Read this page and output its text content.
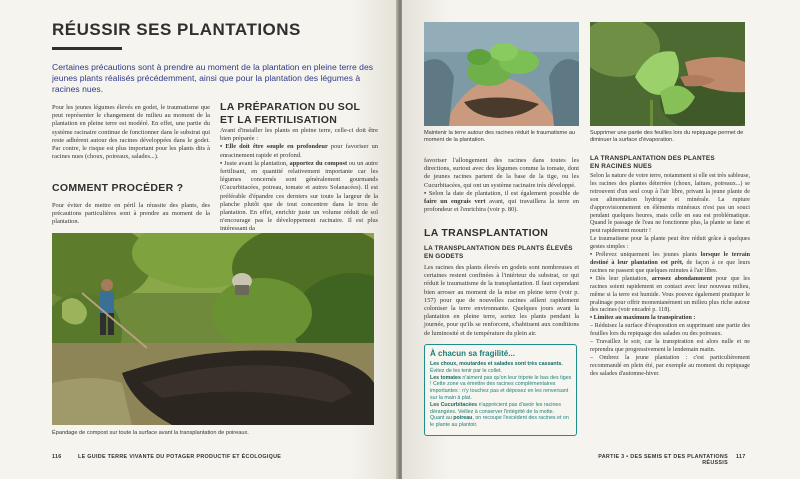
RÉUSSIR SES PLANTATIONS
Certaines précautions sont à prendre au moment de la plantation en pleine terre des jeunes plants réalisés précédemment, ainsi que pour la plantation des légumes à racines nues.
Pour les jeunes légumes élevés en godet, le traumatisme que peut représenter le changement de milieu au moment de la plantation en pleine terre est modéré. En effet, une partie du système racinaire continue de fonctionner dans le substrat qui reste adhérent autour des racines développées dans le godet. Par contre, le risque est plus important pour les plants dits à racines nues (choux, poireaux, salades...).
COMMENT PROCÉDER ?
Pour éviter de mettre en péril la réussite des plants, des précautions particulières sont à prendre au moment de la plantation.
LA PRÉPARATION DU SOL
ET LA FERTILISATION
Avant d'installer les plants en pleine terre, celle-ci doit être bien préparée :
• Elle doit être souple en profondeur pour favoriser un enracinement rapide et profond.
• Juste avant la plantation, apportez du compost ou un autre fertilisant, en quantité relativement importante car les légumes concernés sont généralement gourmands (Cucurbitacées, poireau, tomate et autres Solanacées). Il est préférable d'épandre ces derniers sur toute la largeur de la planche plutôt que de tout concentrer dans le trou de plantation. En effet, enrichir juste un volume réduit de sol n'encourage pas le développement racinaire. Il est plus intéressant da
Épandage de compost sur toute la surface avant la transplantation de poireaux.
116	LE GUIDE TERRE VIVANTE DU POTAGER PRODUCTIF ET ÉCOLOGIQUE
Maintenir la terre autour des racines réduit le traumatisme au moment de la plantation.
Supprimer une partie des feuilles lors du repiquage permet de diminuer la surface d'évaporation.
favoriser l'allongement des racines dans toutes les directions, surtout avec des légumes comme la tomate, dont de jeunes racines partent de la base de la tige, ou les Cucurbitacées, qui ont un système racinaire très développé.
• Selon la date de plantation, il est également possible de faire un engrais vert avant, qui travaillera la terre en profondeur et l'enrichira (voir p. 80).
LA TRANSPLANTATION
LA TRANSPLANTATION DES PLANTS ÉLEVÉS
EN GODETS
Les racines des plants élevés en godets sont nombreuses et certaines restent confinées à l'intérieur du substrat, ce qui réduit le traumatisme de la transplantation. Il faut cependant bien arroser au moment de la mise en pleine terre (voir p. 157) pour que de nouvelles racines aillent rapidement coloniser la terre environnante. Quelques jours avant la plantation en pleine terre, sortez les plants pendant la journée, pour qu'ils se renforcent, s'habituent aux conditions de luminosité et de température du plein air.
À chacun sa fragilité...
Les choux, moutardes et salades sont très cassants. Évitez de les tenir par le collet.
Les tomates n'aiment pas qu'on leur tripote le bas des tiges ! Cette zone va émettre des racines complémentaires importantes : n'y touchez pas et déposez en les renversant sur la main à plat.
Les Cucurbitacées n'apprécient pas d'avoir les racines dérangées. Veillez à conserver l'intégrité de la motte.
Quant au poireau, on recoupe l'excédent des racines et on le plante au plantoir.
LA TRANSPLANTATION DES PLANTES
EN RACINES NUES
Selon la nature de votre terre, notamment si elle est très sableuse, les racines des plantes déterrées (choux, laitues, poireaux...) se retrouvent d'un seul coup à l'air libre, privant la jeune plante de son alimentation hydrique et minérale. La rupture d'approvisionnement en éléments minéraux n'est pas un souci pendant quelques heures, mais celle en eau est problématique. Quand le passage de l'eau ne fonctionne plus, la plante se fane et peut rapidement mourir !
Le traumatisme pour la plante peut être réduit grâce à quelques gestes simples :
• Prélevez uniquement les jeunes plants lorsque le terrain destiné à leur plantation est prêt, de façon à ce que leurs racines ne passent que quelques minutes à l'air libre.
• Dès leur plantation, arrosez abondamment pour que les racines soient rapidement en contact avec leur nouveau milieu, même si la terre est humide. Vous pouvez également pratiquer le pralinage pour offrir momentanément un milieu plus riche autour des racines (voir encadré p. 118).
• Limitez au maximum la transpiration :
– Réduisez la surface d'évaporation en supprimant une partie des feuilles lors du repiquage des salades ou des poireaux.
– Travaillez le soir, car la transpiration est alors nulle et ne reprendra que progressivement le lendemain matin.
– Ombrez la jeune plantation : c'est particulièrement recommandé en plein été, par exemple au moment du repiquage des salades d'automne-hiver.
PARTIE 3 • DES SEMIS ET DES PLANTATIONS RÉUSSIS
117
